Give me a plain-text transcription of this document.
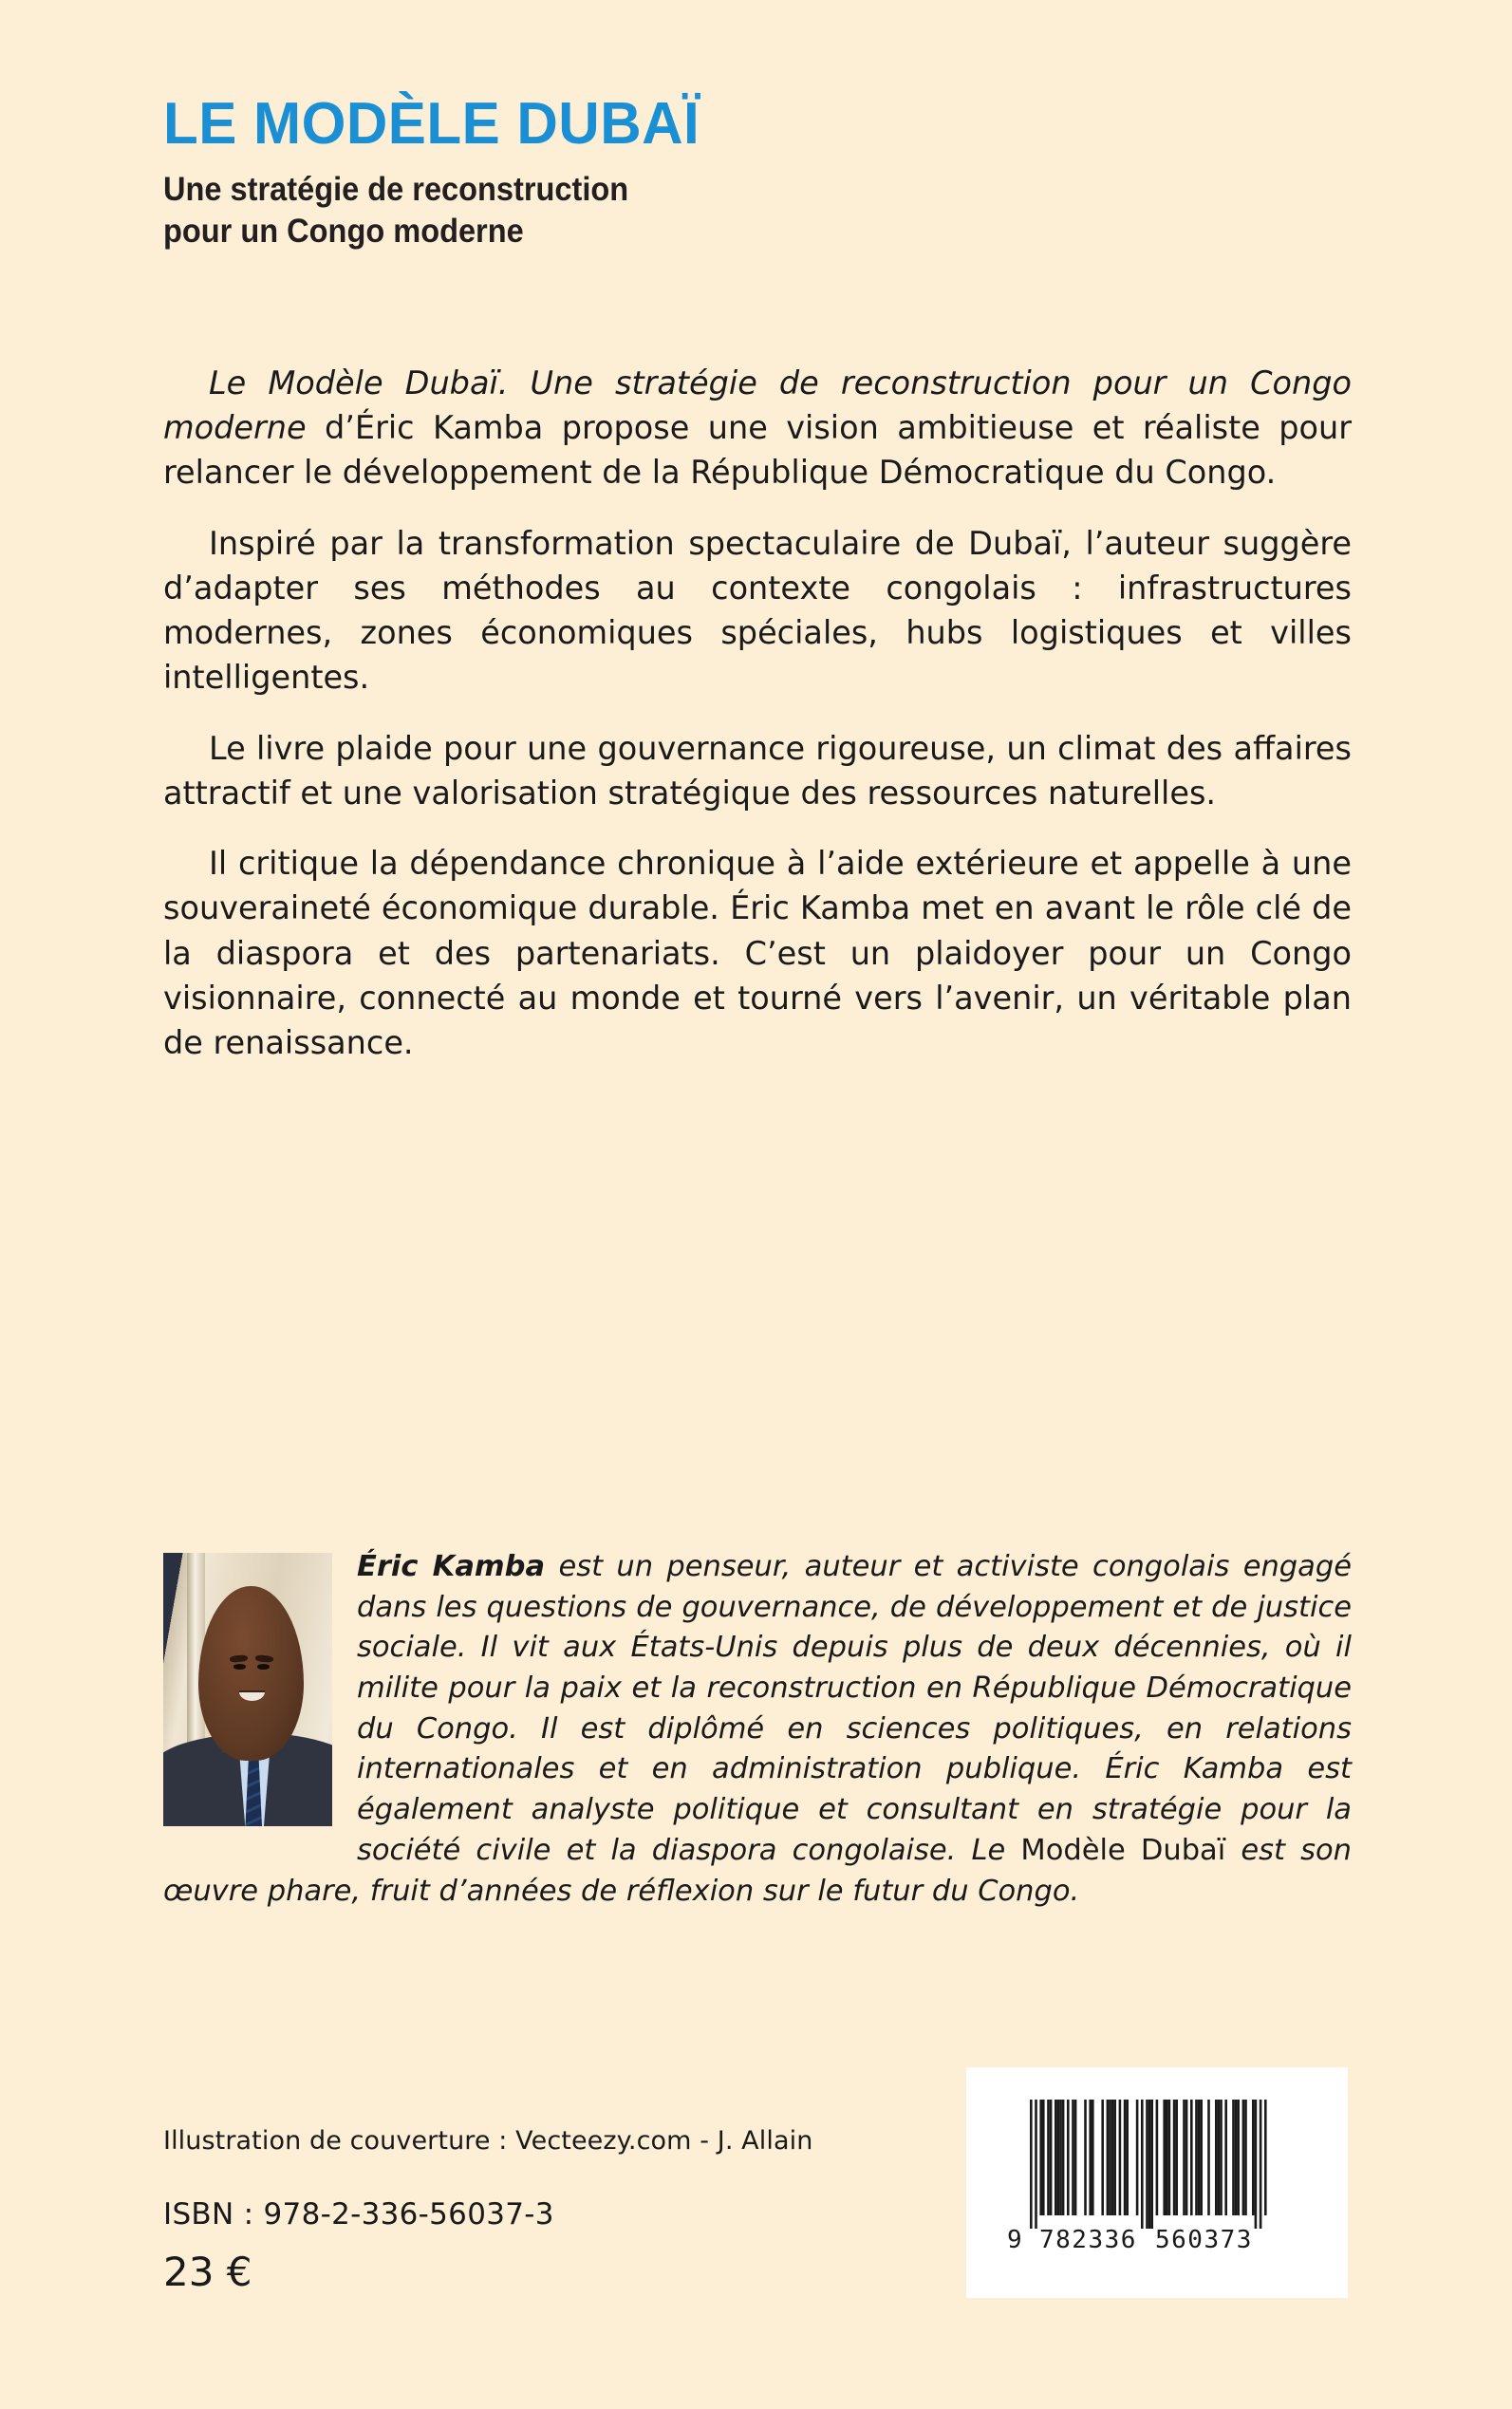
LE MODÈLE DUBAÏ
Une stratégie de reconstruction
pour un Congo moderne

Le Modèle Dubaï. Une stratégie de reconstruction pour un Congo moderne d’Éric Kamba propose une vision ambitieuse et réaliste pour relancer le développement de la République Démocratique du Congo.

Inspiré par la transformation spectaculaire de Dubaï, l’auteur suggère d’adapter ses méthodes au contexte congolais : infrastructures modernes, zones économiques spéciales, hubs logistiques et villes intelligentes.

Le livre plaide pour une gouvernance rigoureuse, un climat des affaires attractif et une valorisation stratégique des ressources naturelles.

Il critique la dépendance chronique à l’aide extérieure et appelle à une souveraineté économique durable. Éric Kamba met en avant le rôle clé de la diaspora et des partenariats. C’est un plaidoyer pour un Congo visionnaire, connecté au monde et tourné vers l’avenir, un véritable plan de renaissance.

Éric Kamba est un penseur, auteur et activiste congolais engagé dans les questions de gouvernance, de développement et de justice sociale. Il vit aux États-Unis depuis plus de deux décennies, où il milite pour la paix et la reconstruction en République Démocratique du Congo. Il est diplômé en sciences politiques, en relations internationales et en administration publique. Éric Kamba est également analyste politique et consultant en stratégie pour la société civile et la diaspora congolaise. Le Modèle Dubaï est son œuvre phare, fruit d’années de réflexion sur le futur du Congo.

Illustration de couverture : Vecteezy.com - J. Allain

ISBN : 978-2-336-56037-3

23 €

9 782336 560373
